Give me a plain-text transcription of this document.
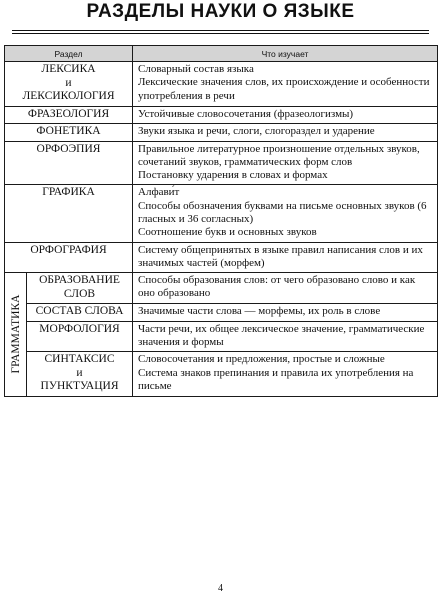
РАЗДЕЛЫ НАУКИ О ЯЗЫКЕ
Раздел		Что изучает

ЛЕКСИКА
и
ЛЕКСИКОЛОГИЯ		Словарный состав языка
Лексические значения слов, их происхождение и особенности употребления в речи

ФРАЗЕОЛОГИЯ		Устойчивые словосочетания (фразеологизмы)

ФОНЕТИКА		Звуки языка и речи, слоги, слогораздел и ударение

ОРФОЭПИЯ		Правильное литературное произношение отдельных звуков, сочетаний звуков, грамматических форм слов
Постановку ударения в словах и формах

ГРАФИКА		Алфави́т
Способы обозначения буквами на письме основных звуков (6 гласных и 36 согласных)
Соотношение букв и основных звуков

ОРФОГРАФИЯ		Систему общепринятых в языке правил написания слов и их значимых частей (морфем)

ГРАММАТИКА	ОБРАЗОВАНИЕ СЛОВ	Способы образования слов: от чего образовано слово и как оно образовано

	СОСТАВ СЛОВА	Значимые части слова — морфемы, их роль в слове

	МОРФОЛОГИЯ	Части речи, их общее лексическое значение, грамматические значения и формы

	СИНТАКСИС
и
ПУНКТУАЦИЯ	Словосочетания и предложения, простые и сложные
Система знаков препинания и правила их употребления на письме
4
